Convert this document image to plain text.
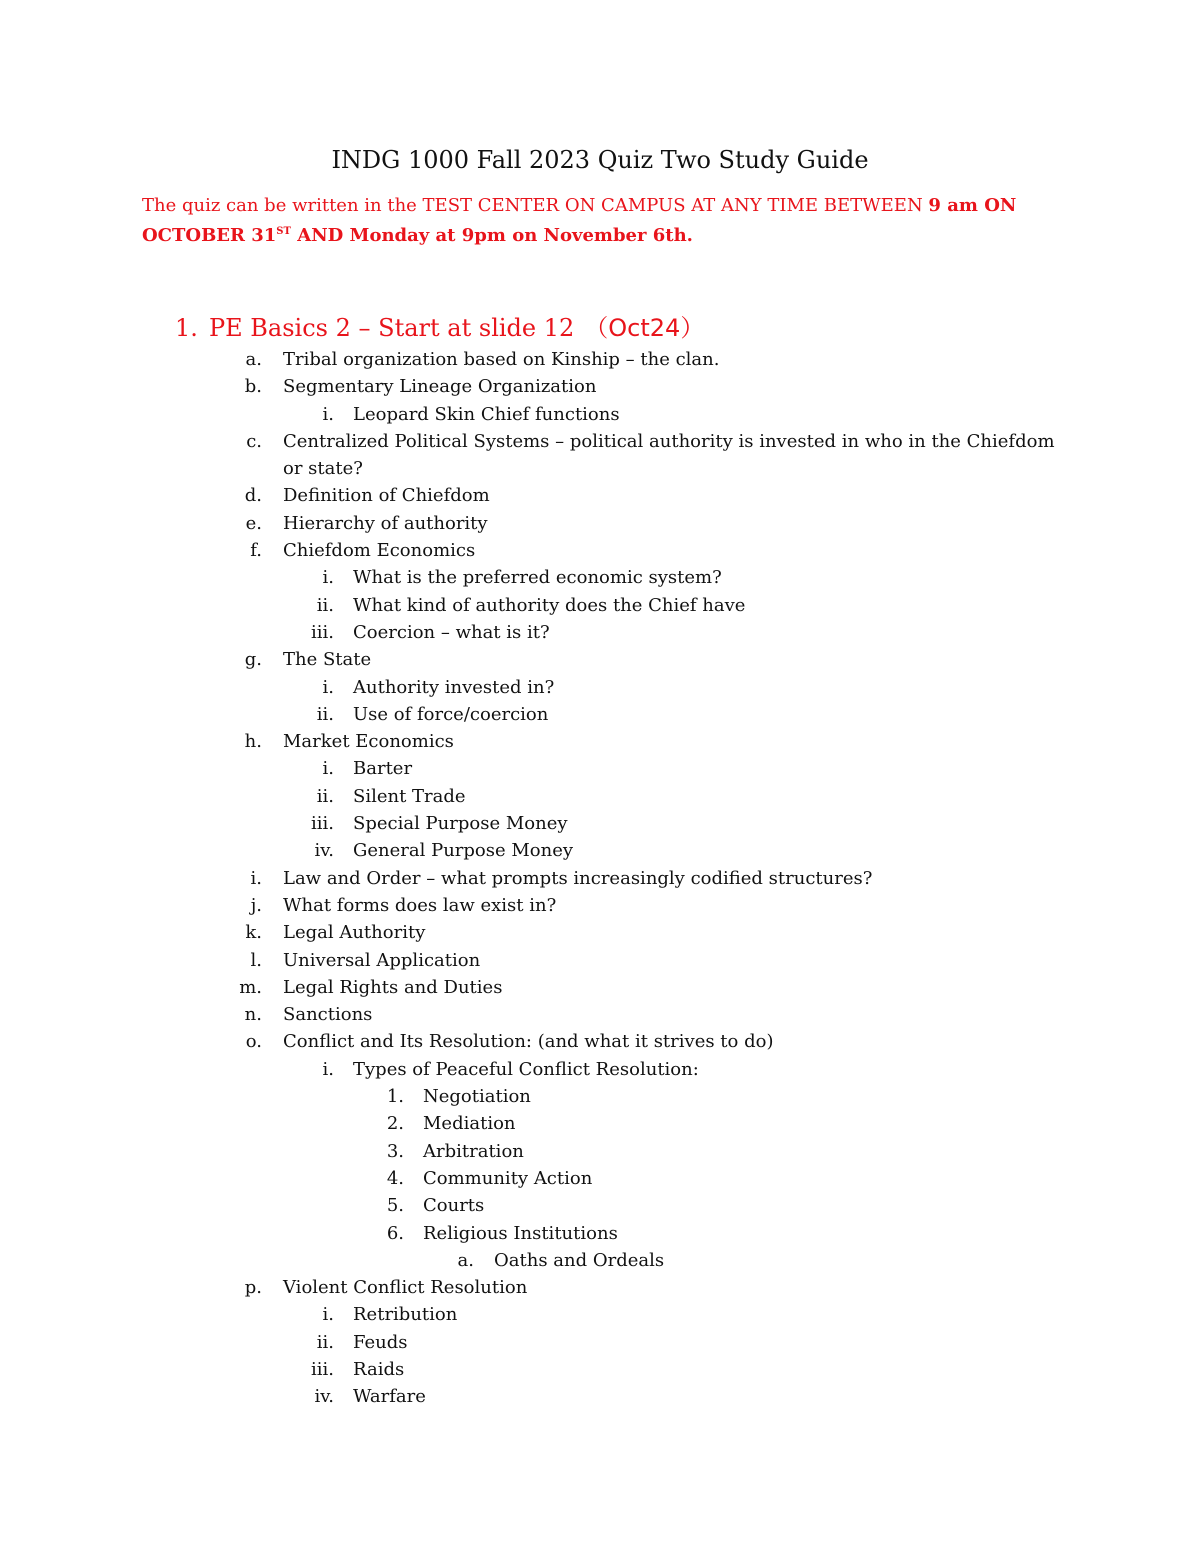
INDG 1000 Fall 2023 Quiz Two Study Guide
The quiz can be written in the TEST CENTER ON CAMPUS AT ANY TIME BETWEEN 9 am ON OCTOBER 31ST AND Monday at 9pm on November 6th.
1. PE Basics 2 – Start at slide 12 （Oct24）
a. Tribal organization based on Kinship – the clan.
b. Segmentary Lineage Organization
i. Leopard Skin Chief functions
c. Centralized Political Systems – political authority is invested in who in the Chiefdom or state?
d. Definition of Chiefdom
e. Hierarchy of authority
f. Chiefdom Economics
i. What is the preferred economic system?
ii. What kind of authority does the Chief have
iii. Coercion – what is it?
g. The State
i. Authority invested in?
ii. Use of force/coercion
h. Market Economics
i. Barter
ii. Silent Trade
iii. Special Purpose Money
iv. General Purpose Money
i. Law and Order – what prompts increasingly codified structures?
j. What forms does law exist in?
k. Legal Authority
l. Universal Application
m. Legal Rights and Duties
n. Sanctions
o. Conflict and Its Resolution: (and what it strives to do)
i. Types of Peaceful Conflict Resolution:
1. Negotiation
2. Mediation
3. Arbitration
4. Community Action
5. Courts
6. Religious Institutions
a. Oaths and Ordeals
p. Violent Conflict Resolution
i. Retribution
ii. Feuds
iii. Raids
iv. Warfare
